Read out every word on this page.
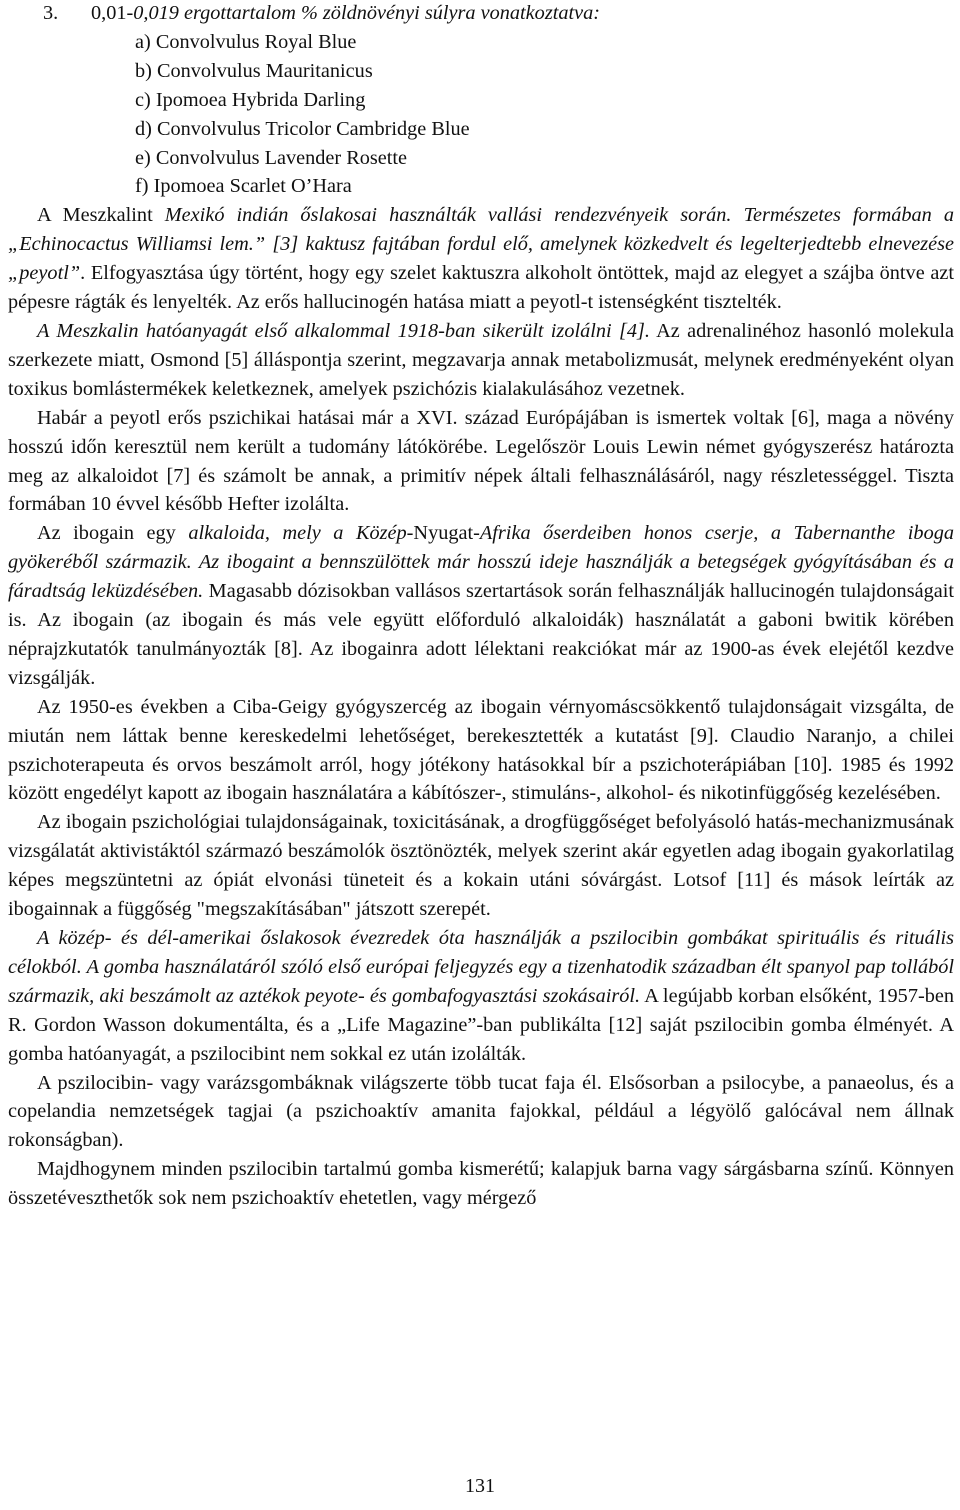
3. 0,01-0,019 ergottartalom % zöldnövényi súlyra vonatkoztatva:

a) Convolvulus Royal Blue
b) Convolvulus Mauritanicus
c) Ipomoea Hybrida Darling
d) Convolvulus Tricolor Cambridge Blue
e) Convolvulus Lavender Rosette
f) Ipomoea Scarlet O’Hara

A Meszkalint Mexikó indián őslakosai használták vallási rendezvényeik során. Természetes formában a „Echinocactus Williamsi lem.” [3] kaktusz fajtában fordul elő, amelynek közkedvelt és legelterjedtebb elnevezése „peyotl”. Elfogyasztása úgy történt, hogy egy szelet kaktuszra alkoholt öntöttek, majd az elegyet a szájba öntve azt pépesre rágták és lenyelték. Az erős hallucinogén hatása miatt a peyotl-t istenségként tisztelték.

A Meszkalin hatóanyagát első alkalommal 1918-ban sikerült izolálni [4]. Az adrenalinéhoz hasonló molekula szerkezete miatt, Osmond [5] álláspontja szerint, megzavarja annak metabolizmusát, melynek eredményeként olyan toxikus bomlástermékek keletkeznek, amelyek pszichózis kialakulásához vezetnek.

Habár a peyotl erős pszichikai hatásai már a XVI. század Európájában is ismertek voltak [6], maga a növény hosszú időn keresztül nem került a tudomány látókörébe. Legelőször Louis Lewin német gyógyszerész határozta meg az alkaloidot [7] és számolt be annak, a primitív népek általi felhasználásáról, nagy részletességgel. Tiszta formában 10 évvel később Hefter izolálta.

Az ibogain egy alkaloida, mely a Közép-Nyugat-Afrika őserdeiben honos cserje, a Tabernanthe iboga gyökeréből származik. Az ibogaint a bennszülöttek már hosszú ideje használják a betegségek gyógyításában és a fáradtság leküzdésében. Magasabb dózisokban vallásos szertartások során felhasználják hallucinogén tulajdonságait is. Az ibogain (az ibogain és más vele együtt előforduló alkaloidák) használatát a gaboni bwitik körében néprajzkutatók tanulmányozták [8]. Az ibogainra adott lélektani reakciókat már az 1900-as évek elejétől kezdve vizsgálják.

Az 1950-es években a Ciba-Geigy gyógyszercég az ibogain vérnyomáscsökkentő tulajdonságait vizsgálta, de miután nem láttak benne kereskedelmi lehetőséget, berekesztették a kutatást [9]. Claudio Naranjo, a chilei pszichoterapeuta és orvos beszámolt arról, hogy jótékony hatásokkal bír a pszichoterápiában [10]. 1985 és 1992 között engedélyt kapott az ibogain használatára a kábítószer-, stimuláns-, alkohol- és nikotinfüggőség kezelésében.

Az ibogain pszichológiai tulajdonságainak, toxicitásának, a drogfüggőséget befolyásoló hatás-mechanizmusának vizsgálatát aktivistáktól származó beszámolók ösztönözték, melyek szerint akár egyetlen adag ibogain gyakorlatilag képes megszüntetni az ópiát elvonási tüneteit és a kokain utáni sóvárgást. Lotsof [11] és mások leírták az ibogainnak a függőség "megszakításában" játszott szerepét.

A közép- és dél-amerikai őslakosok évezredek óta használják a pszilocibin gombákat spirituális és rituális célokból. A gomba használatáról szóló első európai feljegyzés egy a tizenhatodik században élt spanyol pap tollából származik, aki beszámolt az aztékok peyote- és gombafogyasztási szokásairól. A legújabb korban elsőként, 1957-ben R. Gordon Wasson dokumentálta, és a „Life Magazine”-ban publikálta [12] saját pszilocibin gomba élményét. A gomba hatóanyagát, a pszilocibint nem sokkal ez után izolálták.

A pszilocibin- vagy varázsgombáknak világszerte több tucat faja él. Elsősorban a psilocybe, a panaeolus, és a copelandia nemzetségek tagjai (a pszichoaktív amanita fajokkal, például a légyölő galócával nem állnak rokonságban).

Majdhogynem minden pszilocibin tartalmú gomba kismerétű; kalapjuk barna vagy sárgásbarna színű. Könnyen összetéveszthetők sok nem pszichoaktív ehetetlen, vagy mérgező

131
